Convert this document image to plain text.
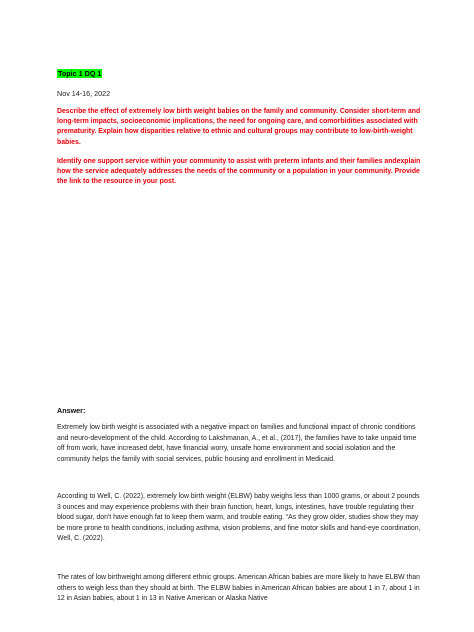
Topic 1 DQ 1
Nov 14-16, 2022

Describe the effect of extremely low birth weight babies on the family and community. Consider short-term and long-term impacts, socioeconomic implications, the need for ongoing care, and comorbidities associated with prematurity. Explain how disparities relative to ethnic and cultural groups may contribute to low-birth-weight babies.

Identify one support service within your community to assist with preterm infants and their families andexplain how the service adequately addresses the needs of the community or a population in your community. Provide the link to the resource in your post.

Answer:

Extremely low birth weight is associated with a negative impact on families and functional impact of chronic conditions and neuro-development of the child. According to Lakshmanan, A., et al., (2017), the families have to take unpaid time off from work, have increased debt, have financial worry, unsafe home environment and social isolation and the community helps the family with social services, public housing and enrollment in Medicaid.

According to Well, C. (2022), extremely low birth weight (ELBW) baby weighs less than 1000 grams, or about 2 pounds 3 ounces and may experience problems with their brain function, heart, lungs, intestines, have trouble regulating their blood sugar, don't have enough fat to keep them warm, and trouble eating. “As they grow older, studies show they may be more prone to health conditions, including asthma, vision problems, and fine motor skills and hand-eye coordination, Well, C. (2022).

The rates of low birthweight among different ethnic groups. American African babies are more likely to have ELBW than others to weigh less than they should at birth. The ELBW babies in American African babies are about 1 in 7, about 1 in 12 in Asian babies, about 1 in 13 in Native American or Alaska Native
